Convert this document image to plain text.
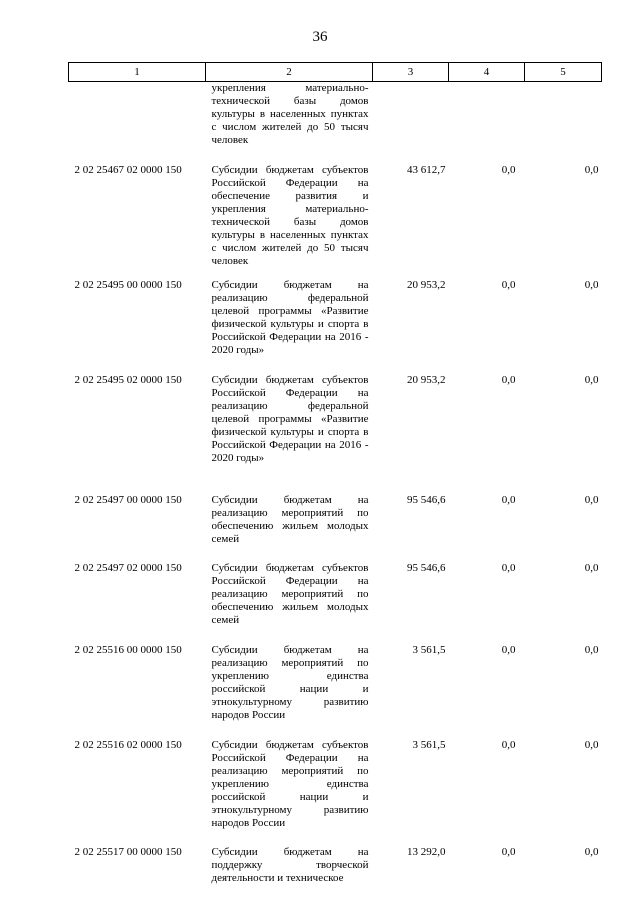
36
1	2	3	4	5
	укрепления материально-технической базы домов культуры в населенных пунктах с числом жителей до 50 тысяч человек			
2 02 25467 02 0000 150	Субсидии бюджетам субъектов Российской Федерации на обеспечение развития и укрепления материально-технической базы домов культуры в населенных пунктах с числом жителей до 50 тысяч человек	43 612,7	0,0	0,0
2 02 25495 00 0000 150	Субсидии бюджетам на реализацию федеральной целевой программы «Развитие физической культуры и спорта в Российской Федерации на 2016 - 2020 годы»	20 953,2	0,0	0,0
2 02 25495 02 0000 150	Субсидии бюджетам субъектов Российской Федерации на реализацию федеральной целевой программы «Развитие физической культуры и спорта в Российской Федерации на 2016 - 2020 годы»	20 953,2	0,0	0,0
2 02 25497 00 0000 150	Субсидии бюджетам на реализацию мероприятий по обеспечению жильем молодых семей	95 546,6	0,0	0,0
2 02 25497 02 0000 150	Субсидии бюджетам субъектов Российской Федерации на реализацию мероприятий по обеспечению жильем молодых семей	95 546,6	0,0	0,0
2 02 25516 00 0000 150	Субсидии бюджетам на реализацию мероприятий по укреплению единства российской нации и этнокультурному развитию народов России	3 561,5	0,0	0,0
2 02 25516 02 0000 150	Субсидии бюджетам субъектов Российской Федерации на реализацию мероприятий по укреплению единства российской нации и этнокультурному развитию народов России	3 561,5	0,0	0,0
2 02 25517 00 0000 150	Субсидии бюджетам на поддержку творческой деятельности и техническое	13 292,0	0,0	0,0
